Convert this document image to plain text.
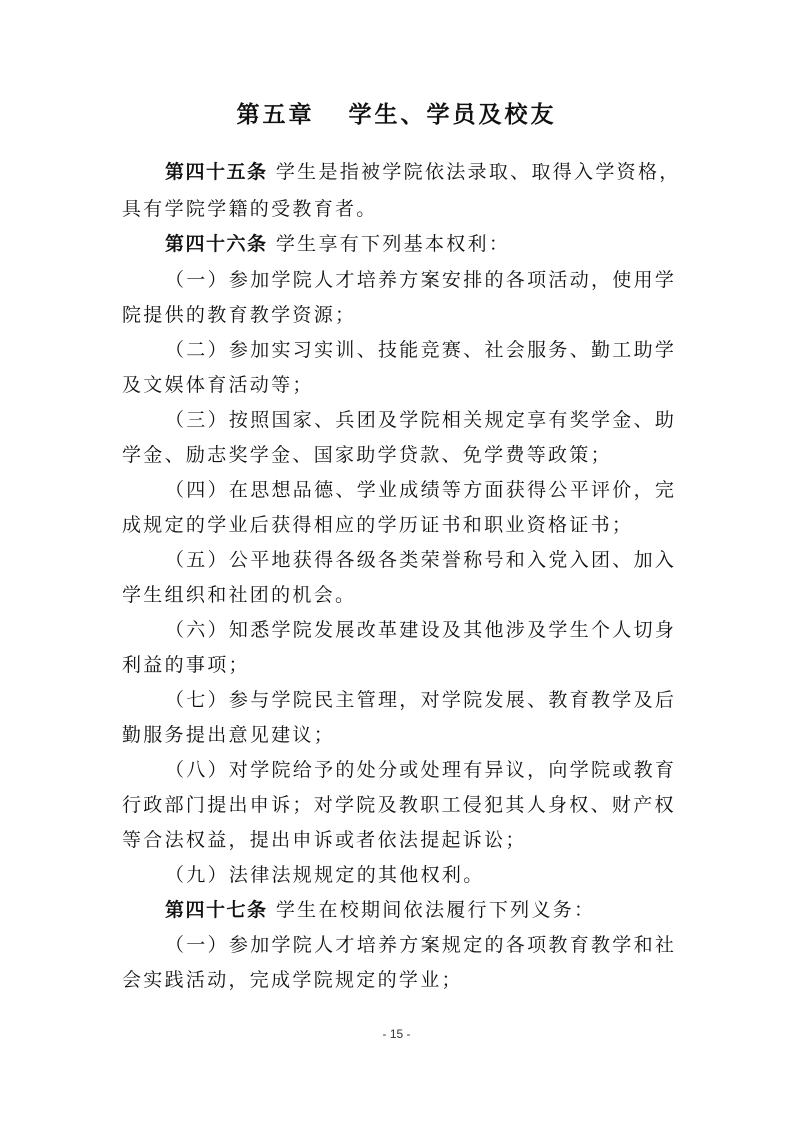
第五章 学生、学员及校友

第四十五条 学生是指被学院依法录取、取得入学资格，

具有学院学籍的受教育者。

第四十六条 学生享有下列基本权利：

（一）参加学院人才培养方案安排的各项活动，使用学

院提供的教育教学资源；

（二）参加实习实训、技能竞赛、社会服务、勤工助学

及文娱体育活动等；

（三）按照国家、兵团及学院相关规定享有奖学金、助

学金、励志奖学金、国家助学贷款、免学费等政策；

（四）在思想品德、学业成绩等方面获得公平评价，完

成规定的学业后获得相应的学历证书和职业资格证书；

（五）公平地获得各级各类荣誉称号和入党入团、加入

学生组织和社团的机会。

（六）知悉学院发展改革建设及其他涉及学生个人切身

利益的事项；

（七）参与学院民主管理，对学院发展、教育教学及后

勤服务提出意见建议；

（八）对学院给予的处分或处理有异议，向学院或教育

行政部门提出申诉；对学院及教职工侵犯其人身权、财产权

等合法权益，提出申诉或者依法提起诉讼；

（九）法律法规规定的其他权利。

第四十七条 学生在校期间依法履行下列义务：

（一）参加学院人才培养方案规定的各项教育教学和社

会实践活动，完成学院规定的学业；

- 15 -
